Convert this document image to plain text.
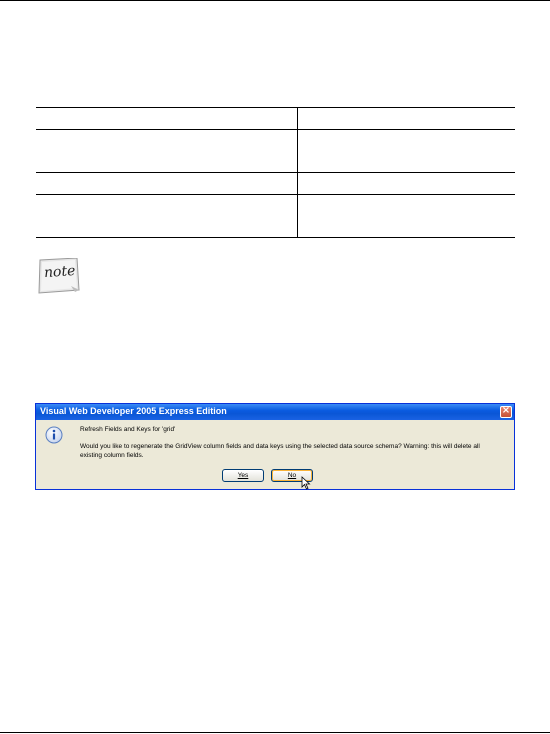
note
Visual Web Developer 2005 Express Edition	×
Refresh Fields and Keys for 'grid'
Would you like to regenerate the GridView column fields and data keys using the selected data source schema? Warning: this will delete all existing column fields.
Yes	No
